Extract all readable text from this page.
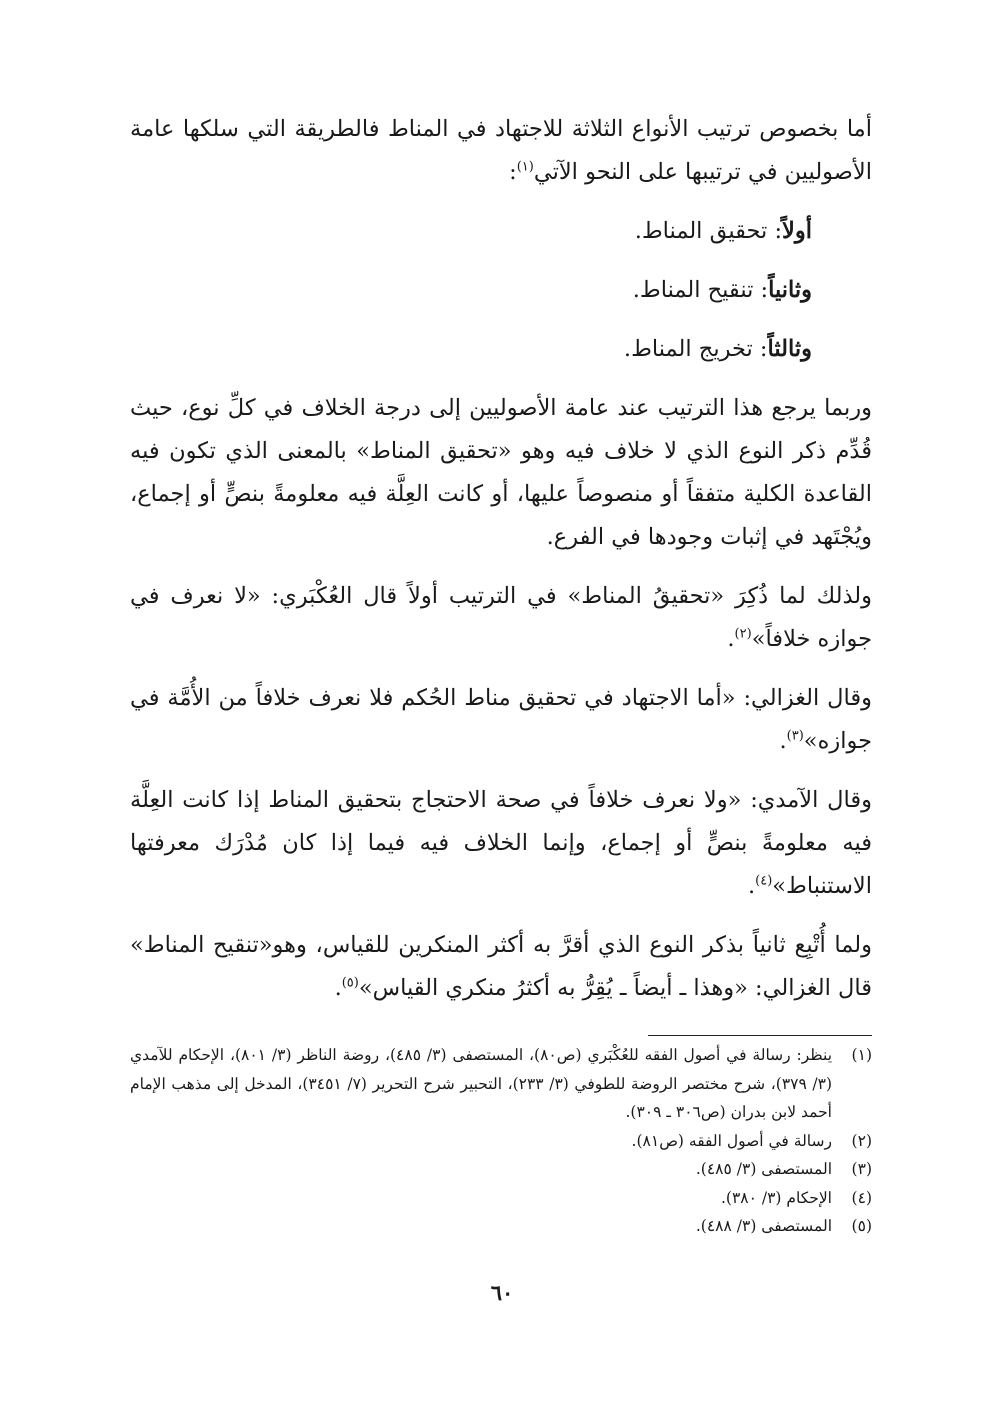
أما بخصوص ترتيب الأنواع الثلاثة للاجتهاد في المناط فالطريقة التي سلكها عامة الأصوليين في ترتيبها على النحو الآتي$^{(١)}$:

أولاً: تحقيق المناط.
وثانياً: تنقيح المناط.
وثالثاً: تخريج المناط.

وربما يرجع هذا الترتيب عند عامة الأصوليين إلى درجة الخلاف في كلِّ نوع، حيث قُدِّم ذكر النوع الذي لا خلاف فيه وهو «تحقيق المناط» بالمعنى الذي تكون فيه القاعدة الكلية متفقاً أو منصوصاً عليها، أو كانت العِلَّة فيه معلومةً بنصٍّ أو إجماع، ويُجْتَهد في إثبات وجودها في الفرع.

ولذلك لما ذُكِرَ «تحقيقُ المناط» في الترتيب أولاً قال العُكْبَري: «لا نعرف في جوازه خلافاً»$^{(٢)}$.

وقال الغزالي: «أما الاجتهاد في تحقيق مناط الحُكم فلا نعرف خلافاً من الأُمَّة في جوازه»$^{(٣)}$.

وقال الآمدي: «ولا نعرف خلافاً في صحة الاحتجاج بتحقيق المناط إذا كانت العِلَّة فيه معلومةً بنصٍّ أو إجماع، وإنما الخلاف فيه فيما إذا كان مُدْرَك معرفتها الاستنباط»$^{(٤)}$.

ولما أُتْبِع ثانياً بذكر النوع الذي أقرَّ به أكثر المنكرين للقياس، وهو«تنقيح المناط» قال الغزالي: «وهذا ـ أيضاً ـ يُقِرُّ به أكثرُ منكري القياس»$^{(٥)}$.

(١)
ينظر: رسالة في أصول الفقه للعُكْبَري (ص٨٠)، المستصفى (٣/ ٤٨٥)، روضة الناظر (٣/ ٨٠١)، الإحكام للآمدي (٣/ ٣٧٩)، شرح مختصر الروضة للطوفي (٣/ ٢٣٣)، التحبير شرح التحرير (٧/ ٣٤٥١)، المدخل إلى مذهب الإمام أحمد لابن بدران (ص٣٠٦ ـ ٣٠٩).
(٢)
رسالة في أصول الفقه (ص٨١).
(٣)
المستصفى (٣/ ٤٨٥).
(٤)
الإحكام (٣/ ٣٨٠).
(٥)
المستصفى (٣/ ٤٨٨).
٦٠
